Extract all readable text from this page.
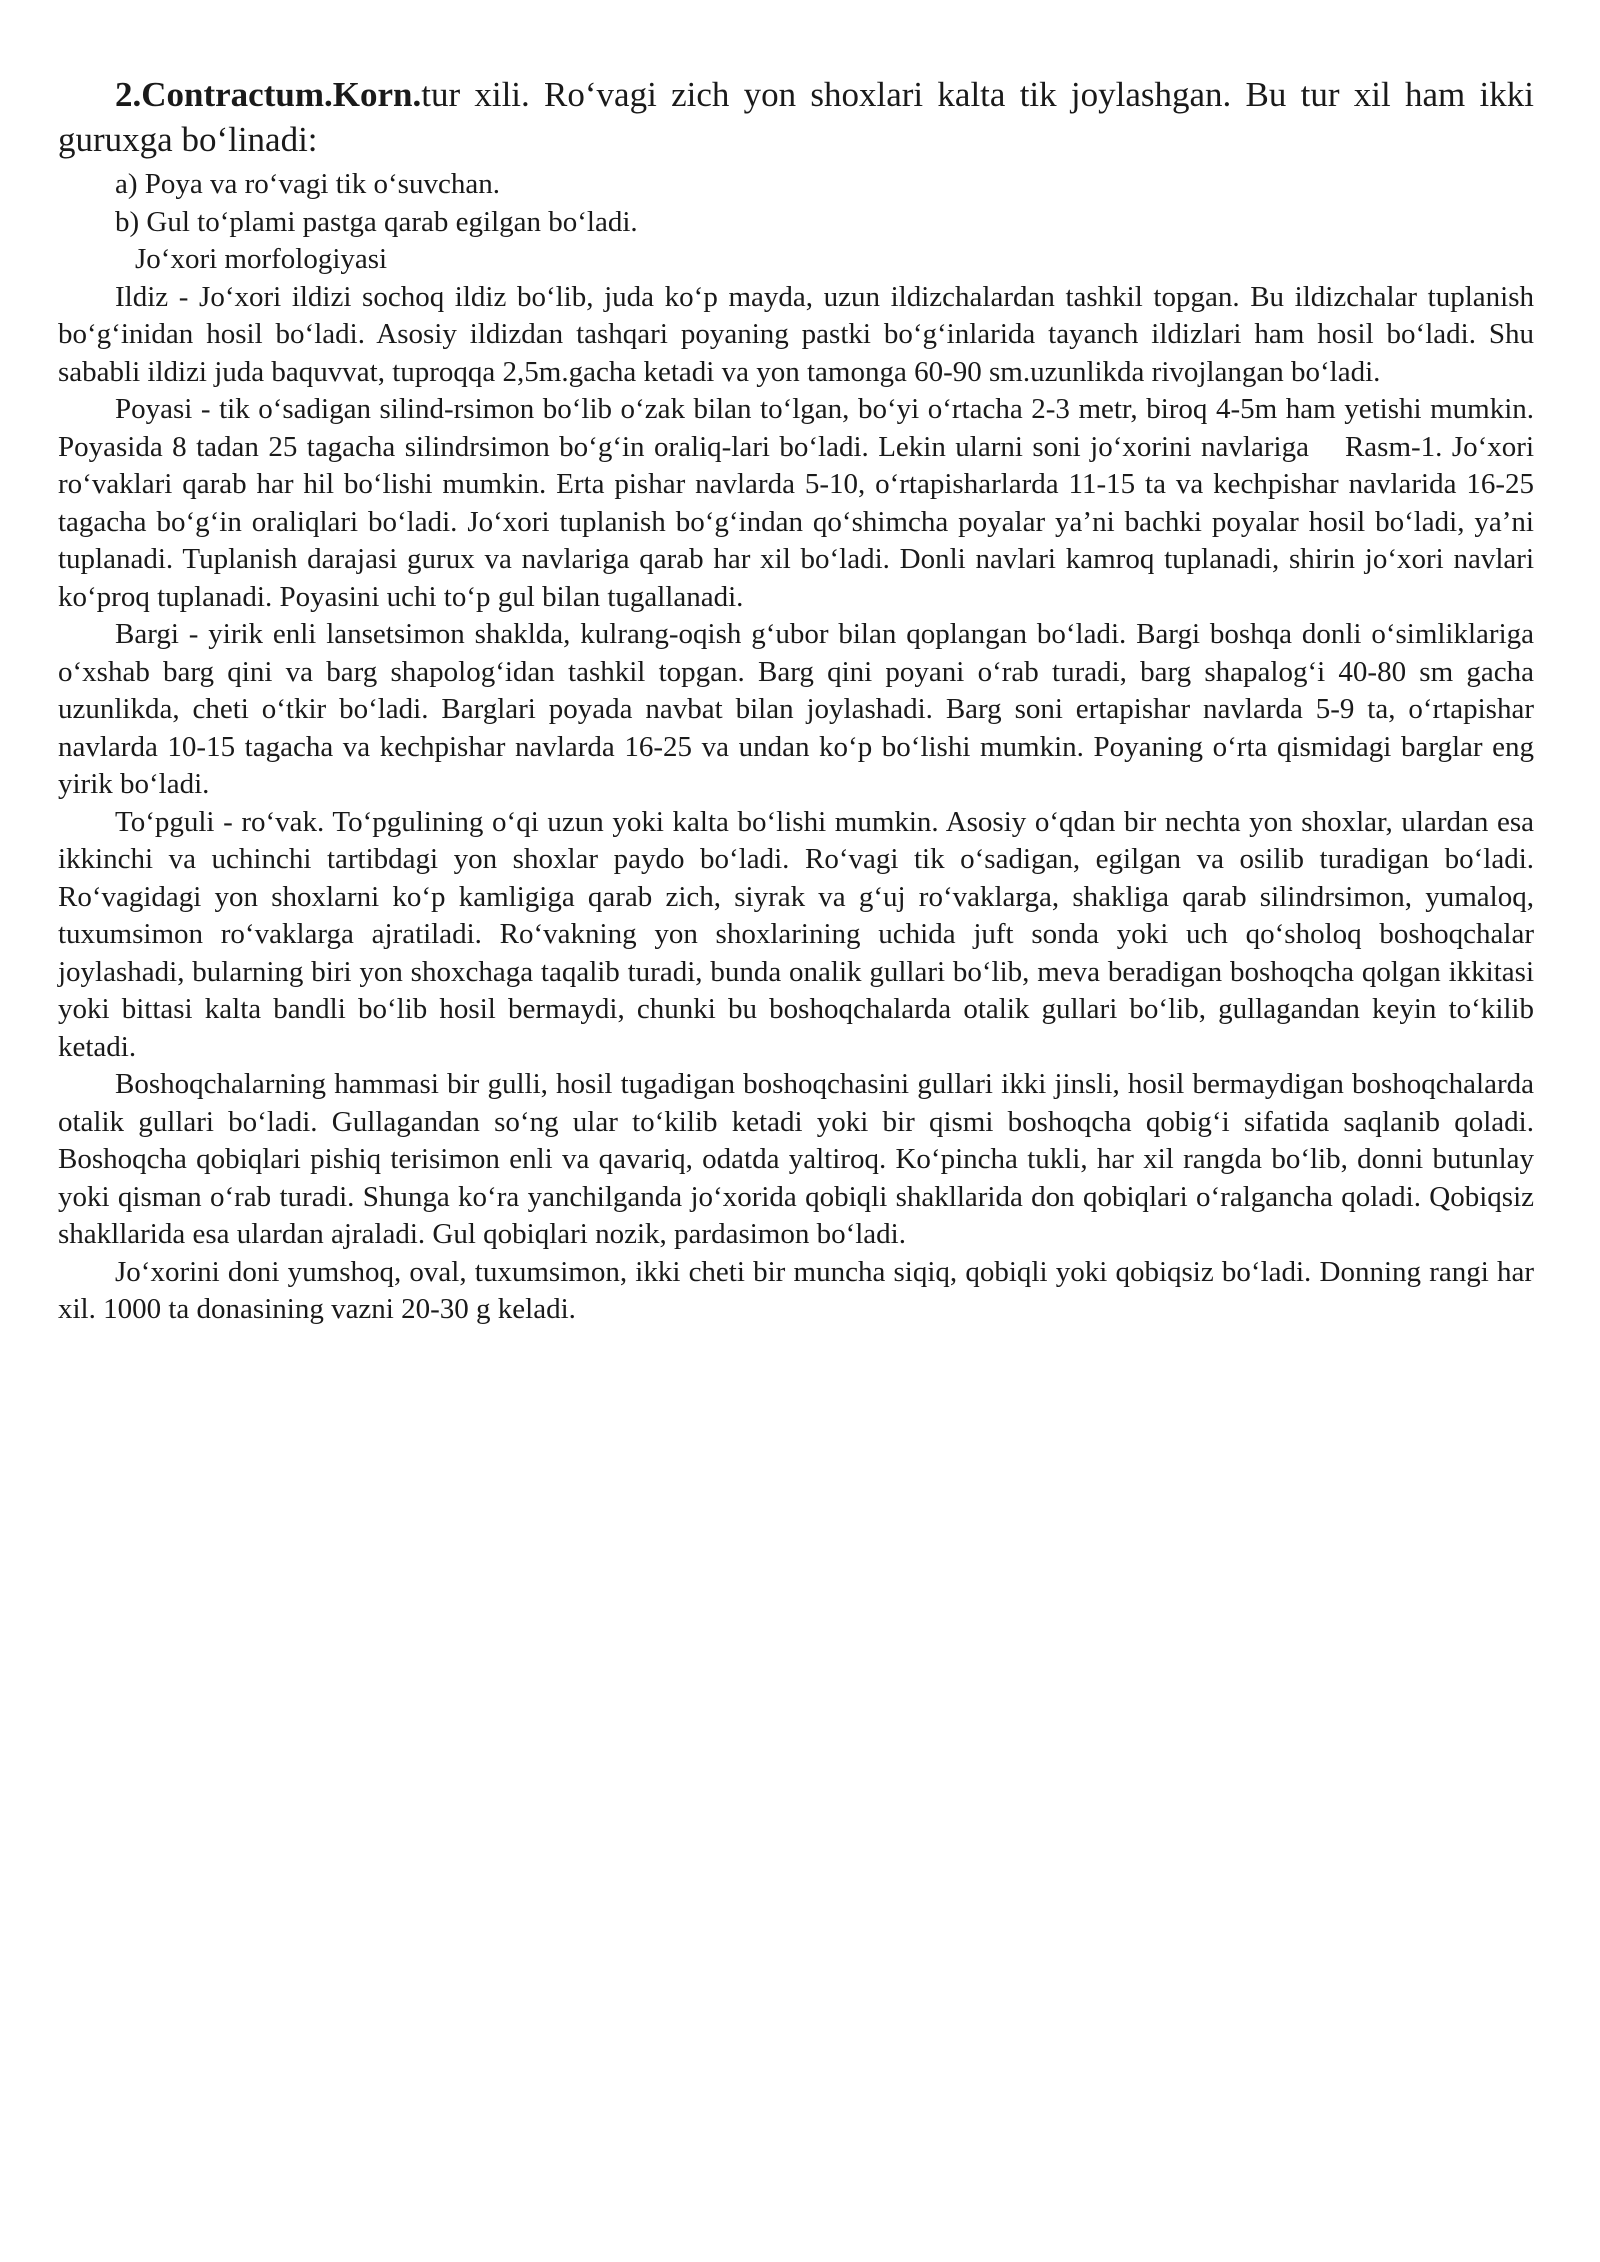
2.Contractum.Korn.tur xili. Ro‘vagi zich yon shoxlari kalta tik joylashgan. Bu tur xil ham ikki guruxga bo‘linadi:

a) Poya va ro‘vagi tik o‘suvchan.

b) Gul to‘plami pastga qarab egilgan bo‘ladi.

Jo‘xori morfologiyasi

Ildiz - Jo‘xori ildizi sochoq ildiz bo‘lib, juda ko‘p mayda, uzun ildizchalardan tashkil topgan. Bu ildizchalar tuplanish bo‘g‘inidan hosil bo‘ladi. Asosiy ildizdan tashqari poyaning pastki bo‘g‘inlarida tayanch ildizlari ham hosil bo‘ladi. Shu sababli ildizi juda baquvvat, tuproqqa 2,5m.gacha ketadi va yon tamonga 60-90 sm.uzunlikda rivojlangan bo‘ladi.

Poyasi - tik o‘sadigan silind-rsimon bo‘lib o‘zak bilan to‘lgan, bo‘yi o‘rtacha 2-3 metr, biroq 4-5m ham yetishi mumkin. Poyasida 8 tadan 25 tagacha silindrsimon bo‘g‘in oraliq-lari bo‘ladi. Lekin ularni soni jo‘xorini navlariga Rasm-1. Jo‘xori ro‘vaklari qarab har hil bo‘lishi mumkin. Erta pishar navlarda 5-10, o‘rtapisharlarda 11-15 ta va kechpishar navlarida 16-25 tagacha bo‘g‘in oraliqlari bo‘ladi. Jo‘xori tuplanish bo‘g‘indan qo‘shimcha poyalar ya’ni bachki poyalar hosil bo‘ladi, ya’ni tuplanadi. Tuplanish darajasi gurux va navlariga qarab har xil bo‘ladi. Donli navlari kamroq tuplanadi, shirin jo‘xori navlari ko‘proq tuplanadi. Poyasini uchi to‘p gul bilan tugallanadi.

Bargi - yirik enli lansetsimon shaklda, kulrang-oqish g‘ubor bilan qoplangan bo‘ladi. Bargi boshqa donli o‘simliklariga o‘xshab barg qini va barg shapolog‘idan tashkil topgan. Barg qini poyani o‘rab turadi, barg shapalog‘i 40-80 sm gacha uzunlikda, cheti o‘tkir bo‘ladi. Barglari poyada navbat bilan joylashadi. Barg soni ertapishar navlarda 5-9 ta, o‘rtapishar navlarda 10-15 tagacha va kechpishar navlarda 16-25 va undan ko‘p bo‘lishi mumkin. Poyaning o‘rta qismidagi barglar eng yirik bo‘ladi.

To‘pguli - ro‘vak. To‘pgulining o‘qi uzun yoki kalta bo‘lishi mumkin. Asosiy o‘qdan bir nechta yon shoxlar, ulardan esa ikkinchi va uchinchi tartibdagi yon shoxlar paydo bo‘ladi. Ro‘vagi tik o‘sadigan, egilgan va osilib turadigan bo‘ladi. Ro‘vagidagi yon shoxlarni ko‘p kamligiga qarab zich, siyrak va g‘uj ro‘vaklarga, shakliga qarab silindrsimon, yumaloq, tuxumsimon ro‘vaklarga ajratiladi. Ro‘vakning yon shoxlarining uchida juft sonda yoki uch qo‘sholoq boshoqchalar joylashadi, bularning biri yon shoxchaga taqalib turadi, bunda onalik gullari bo‘lib, meva beradigan boshoqcha qolgan ikkitasi yoki bittasi kalta bandli bo‘lib hosil bermaydi, chunki bu boshoqchalarda otalik gullari bo‘lib, gullagandan keyin to‘kilib ketadi.

Boshoqchalarning hammasi bir gulli, hosil tugadigan boshoqchasini gullari ikki jinsli, hosil bermaydigan boshoqchalarda otalik gullari bo‘ladi. Gullagandan so‘ng ular to‘kilib ketadi yoki bir qismi boshoqcha qobig‘i sifatida saqlanib qoladi. Boshoqcha qobiqlari pishiq terisimon enli va qavariq, odatda yaltiroq. Ko‘pincha tukli, har xil rangda bo‘lib, donni butunlay yoki qisman o‘rab turadi. Shunga ko‘ra yanchilganda jo‘xorida qobiqli shakllarida don qobiqlari o‘ralgancha qoladi. Qobiqsiz shakllarida esa ulardan ajraladi. Gul qobiqlari nozik, pardasimon bo‘ladi.

Jo‘xorini doni yumshoq, oval, tuxumsimon, ikki cheti bir muncha siqiq, qobiqli yoki qobiqsiz bo‘ladi. Donning rangi har xil. 1000 ta donasining vazni 20-30 g keladi.
